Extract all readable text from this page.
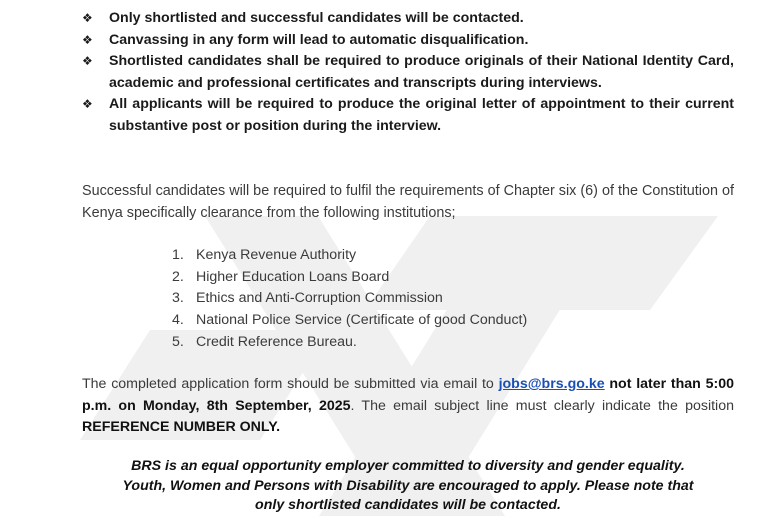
❖ Only shortlisted and successful candidates will be contacted.
❖ Canvassing in any form will lead to automatic disqualification.
❖ Shortlisted candidates shall be required to produce originals of their National Identity Card, academic and professional certificates and transcripts during interviews.
❖ All applicants will be required to produce the original letter of appointment to their current substantive post or position during the interview.
Successful candidates will be required to fulfil the requirements of Chapter six (6) of the Constitution of Kenya specifically clearance from the following institutions;
1. Kenya Revenue Authority
2. Higher Education Loans Board
3. Ethics and Anti-Corruption Commission
4. National Police Service (Certificate of good Conduct)
5. Credit Reference Bureau.
The completed application form should be submitted via email to jobs@brs.go.ke not later than 5:00 p.m. on Monday, 8th September, 2025. The email subject line must clearly indicate the position REFERENCE NUMBER ONLY.
BRS is an equal opportunity employer committed to diversity and gender equality.
Youth, Women and Persons with Disability are encouraged to apply. Please note that
only shortlisted candidates will be contacted.
